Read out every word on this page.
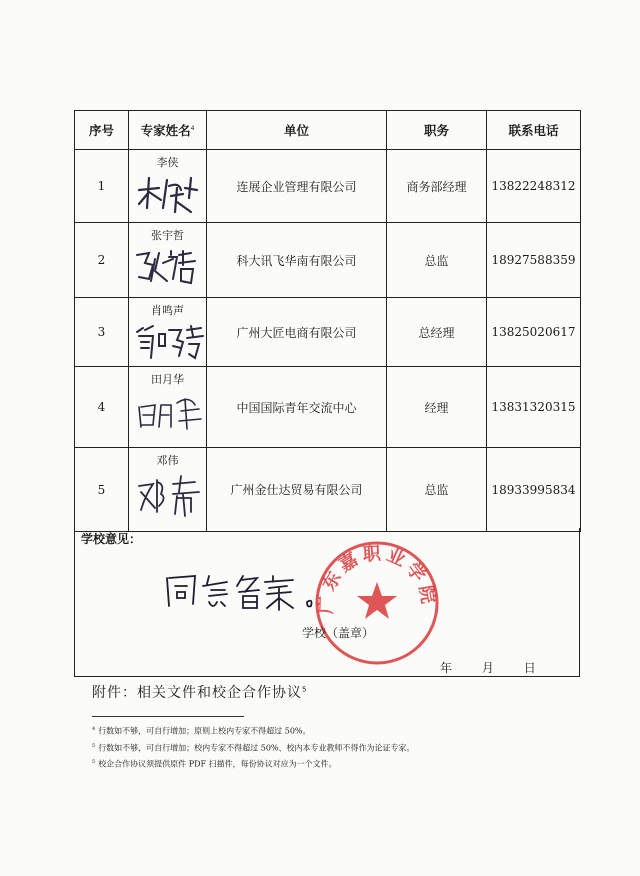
序号	专家姓名$^4$	单位	职务	联系电话
1	李侠	连展企业管理有限公司	商务部经理	13822248312
2	张宇哲	科大讯飞华南有限公司	总监	18927588359
3	肖鸣声	广州大匠电商有限公司	总经理	13825020617
4	田月华	中国国际青年交流中心	经理	13831320315
5	邓伟	广州金仕达贸易有限公司	总监	18933995834
学校意见：
广东嘉职业学院
学校（盖章）
年 月 日
附件：相关文件和校企合作协议$^5$
$^4$ 行数如不够，可自行增加；原则上校内专家不得超过 50%。
$^5$ 行数如不够，可自行增加；校内专家不得超过 50%、校内本专业教师不得作为论证专家。
$^5$ 校企合作协议须提供原件 PDF 扫描件，每份协议对应为一个文件。
